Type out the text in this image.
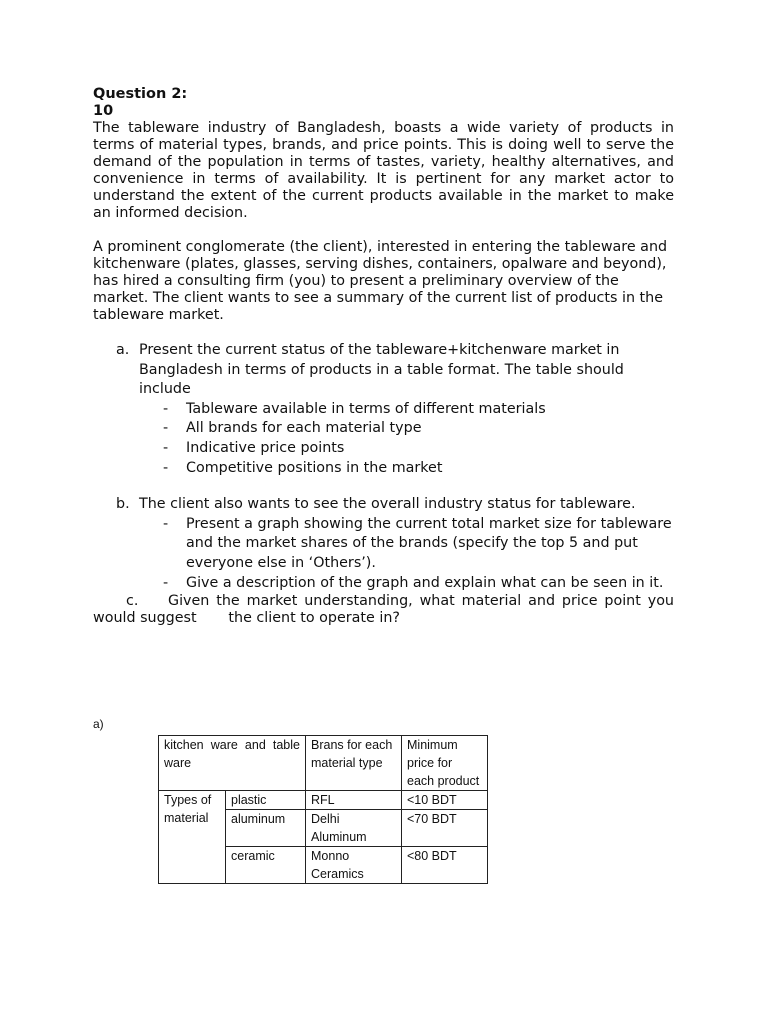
Question 2:
10

The tableware industry of Bangladesh, boasts a wide variety of products in terms of material types, brands, and price points. This is doing well to serve the demand of the population in terms of tastes, variety, healthy alternatives, and convenience in terms of availability. It is pertinent for any market actor to understand the extent of the current products available in the market to make an informed decision.

A prominent conglomerate (the client), interested in entering the tableware and kitchenware (plates, glasses, serving dishes, containers, opalware and beyond), has hired a consulting firm (you) to present a preliminary overview of the market. The client wants to see a summary of the current list of products in the tableware market.

a. Present the current status of the tableware+kitchenware market in Bangladesh in terms of products in a table format. The table should include
- Tableware available in terms of different materials
- All brands for each material type
- Indicative price points
- Competitive positions in the market
b. The client also wants to see the overall industry status for tableware.
- Present a graph showing the current total market size for tableware and the market shares of the brands (specify the top 5 and put everyone else in ‘Others’).
- Give a description of the graph and explain what can be seen in it.
c. Given the market understanding, what material and price point you would suggest the client to operate in?
a)
kitchen ware and table ware		Brans for each material type	Minimum price for each product
Types of material	plastic	RFL	<10 BDT
	aluminum	Delhi Aluminum	<70 BDT
	ceramic	Monno Ceramics	<80 BDT
